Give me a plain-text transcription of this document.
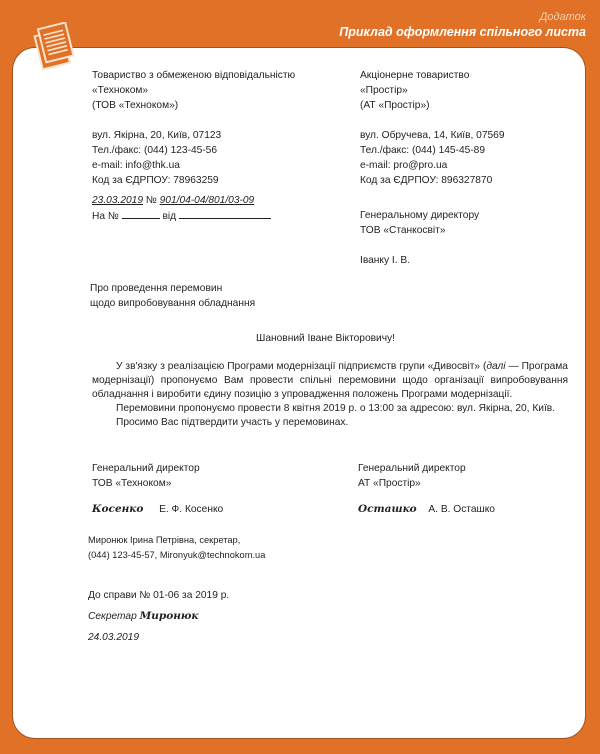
Додаток
Приклад оформлення спільного листа
Товариство з обмеженою відповідальністю
«Техноком»
(ТОВ «Техноком»)
вул. Якірна, 20, Київ, 07123
Тел./факс: (044) 123-45-56
e-mail: info@thk.ua
Код за ЄДРПОУ: 78963259
Акціонерне товариство
«Простір»
(АТ «Простір»)
вул. Обручева, 14, Київ, 07569
Тел./факс: (044) 145-45-89
e-mail: pro@pro.ua
Код за ЄДРПОУ: 896327870
23.03.2019 № 901/04-04/801/03-09
На №	від	Генеральному директору
ТОВ «Станкосвіт»
Іванку І. В.
Про проведення перемовин
щодо випробовування обладнання
Шановний Іване Вікторовичу!
У зв'язку з реалізацією Програми модернізації підприємств групи «Дивосвіт» (далі — Програма модернізації) пропонуємо Вам провести спільні перемовини щодо організації випробовування обладнання і виробити єдину позицію з упровадження положень Програми модернізації.
Перемовини пропонуємо провести 8 квітня 2019 р. о 13:00 за адресою: вул. Якірна, 20, Київ.
Просимо Вас підтвердити участь у перемовинах.
Генеральний директор
ТОВ «Техноком»
Косенко Е. Ф. Косенко
Генеральний директор
АТ «Простір»
Осташко А. В. Осташко
Миронюк Ірина Петрівна, секретар,
(044) 123-45-57, Mironyuk@technokom.ua
До справи № 01-06 за 2019 р.
Секретар Миронюк
24.03.2019
